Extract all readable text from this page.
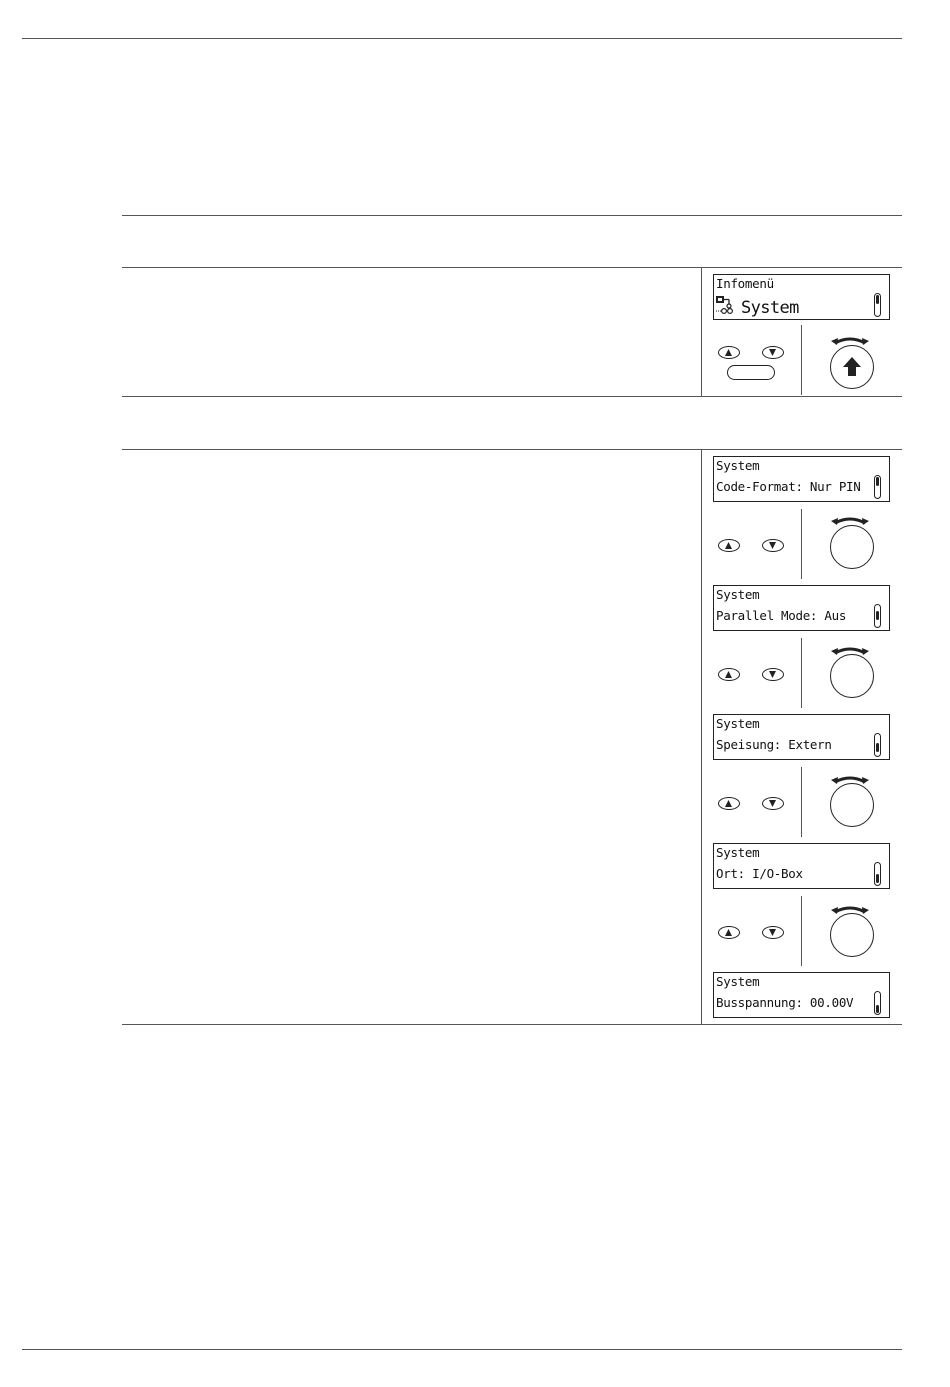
Infomenü
System
System
Code-Format: Nur PIN
System
Parallel Mode: Aus
System
Speisung: Extern
System
Ort: I/O-Box
System
Busspannung: 00.00V
